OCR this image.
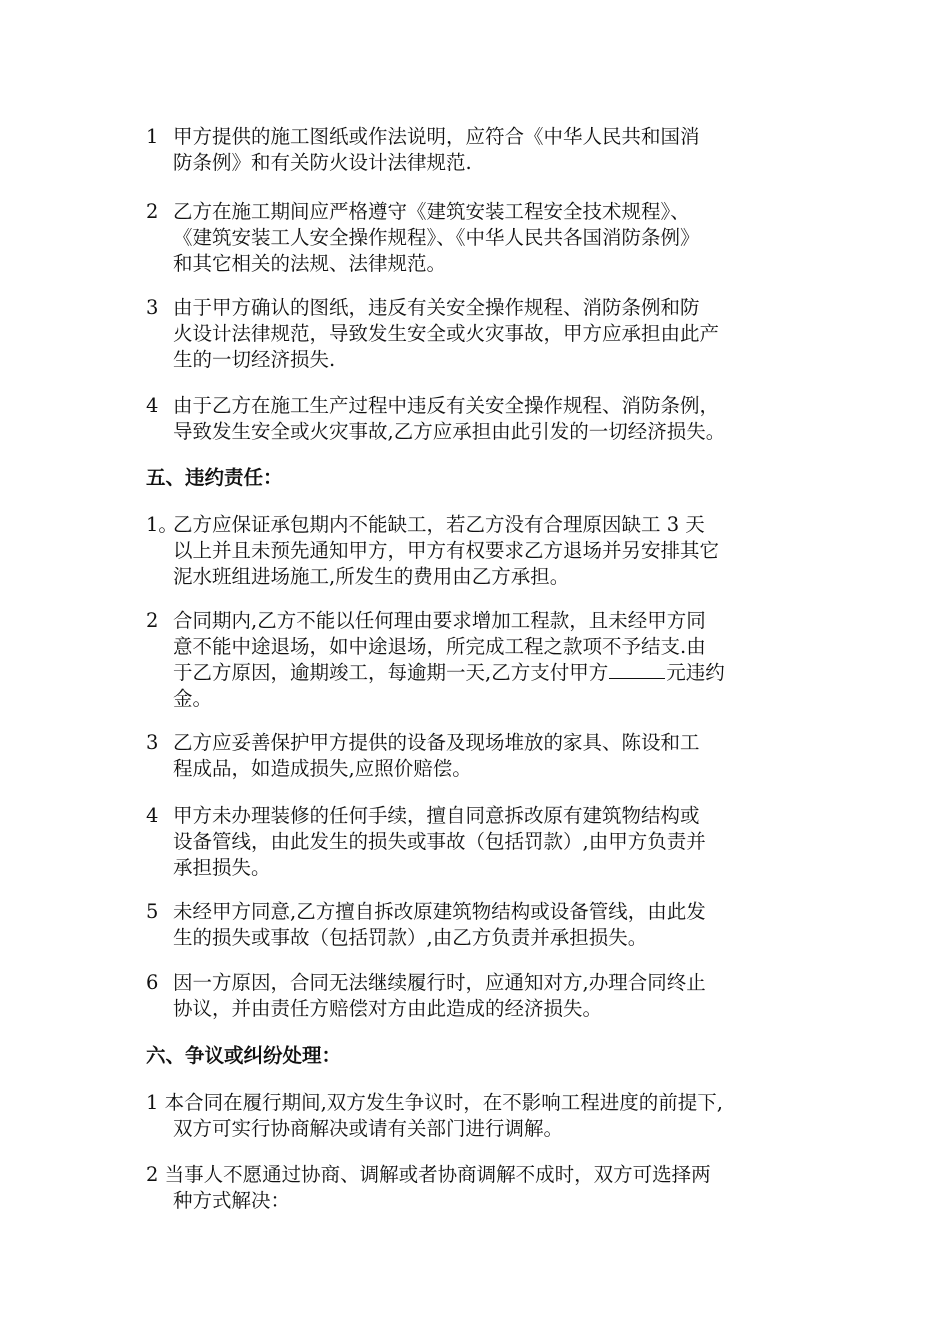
1 甲方提供的施工图纸或作法说明，应符合《中华人民共和国消
防条例》和有关防火设计法律规范.
2 乙方在施工期间应严格遵守《建筑安装工程安全技术规程》、
《建筑安装工人安全操作规程》、《中华人民共各国消防条例》
和其它相关的法规、法律规范。
3 由于甲方确认的图纸，违反有关安全操作规程、消防条例和防
火设计法律规范，导致发生安全或火灾事故，甲方应承担由此产
生的一切经济损失.
4 由于乙方在施工生产过程中违反有关安全操作规程、消防条例，
导致发生安全或火灾事故,乙方应承担由此引发的一切经济损失。
五、违约责任：
1。乙方应保证承包期内不能缺工，若乙方没有合理原因缺工 3 天
以上并且未预先通知甲方，甲方有权要求乙方退场并另安排其它
泥水班组进场施工,所发生的费用由乙方承担。
2 合同期内,乙方不能以任何理由要求增加工程款，且未经甲方同
意不能中途退场，如中途退场，所完成工程之款项不予结支.由
于乙方原因，逾期竣工，每逾期一天,乙方支付甲方	元违约
金。
3 乙方应妥善保护甲方提供的设备及现场堆放的家具、陈设和工
程成品，如造成损失,应照价赔偿。
4 甲方未办理装修的任何手续，擅自同意拆改原有建筑物结构或
设备管线，由此发生的损失或事故（包括罚款）,由甲方负责并
承担损失。
5 未经甲方同意,乙方擅自拆改原建筑物结构或设备管线，由此发
生的损失或事故（包括罚款）,由乙方负责并承担损失。
6 因一方原因，合同无法继续履行时，应通知对方,办理合同终止
协议，并由责任方赔偿对方由此造成的经济损失。
六、争议或纠纷处理：
1 本合同在履行期间,双方发生争议时，在不影响工程进度的前提下,
双方可实行协商解决或请有关部门进行调解。
2 当事人不愿通过协商、调解或者协商调解不成时，双方可选择两
种方式解决：
